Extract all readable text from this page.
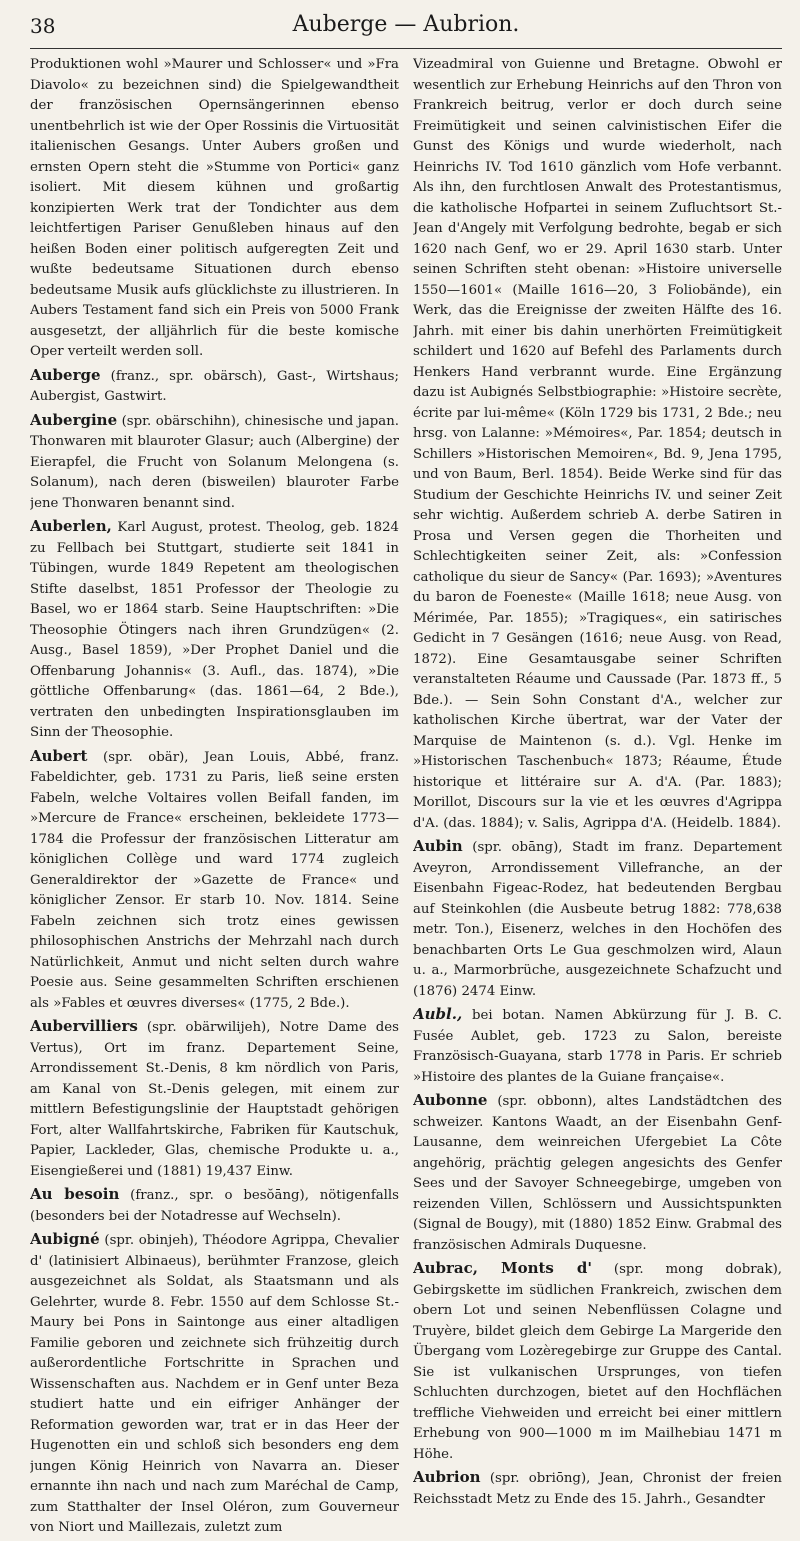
38	Auberge — Aubrion.

Produktionen wohl »Maurer und Schlosser« und »Fra Diavolo« zu bezeichnen sind) die Spielgewandtheit der französischen Opernsängerinnen ebenso unentbehrlich ist wie der Oper Rossinis die Virtuosität italienischen Gesangs. Unter Aubers großen und ernsten Opern steht die »Stumme von Portici« ganz isoliert. Mit diesem kühnen und großartig konzipierten Werk trat der Tondichter aus dem leichtfertigen Pariser Genußleben hinaus auf den heißen Boden einer politisch aufgeregten Zeit und wußte bedeutsame Situationen durch ebenso bedeutsame Musik aufs glücklichste zu illustrieren. In Aubers Testament fand sich ein Preis von 5000 Frank ausgesetzt, der alljährlich für die beste komische Oper verteilt werden soll.

Auberge (franz., spr. obärsch), Gast-, Wirtshaus; Aubergist, Gastwirt.

Aubergine (spr. obärschihn), chinesische und japan. Thonwaren mit blauroter Glasur; auch (Albergine) der Eierapfel, die Frucht von Solanum Melongena (s. Solanum), nach deren (bisweilen) blauroter Farbe jene Thonwaren benannt sind.

Auberlen, Karl August, protest. Theolog, geb. 1824 zu Fellbach bei Stuttgart, studierte seit 1841 in Tübingen, wurde 1849 Repetent am theologischen Stifte daselbst, 1851 Professor der Theologie zu Basel, wo er 1864 starb. Seine Hauptschriften: »Die Theosophie Ötingers nach ihren Grundzügen« (2. Ausg., Basel 1859), »Der Prophet Daniel und die Offenbarung Johannis« (3. Aufl., das. 1874), »Die göttliche Offenbarung« (das. 1861—64, 2 Bde.), vertraten den unbedingten Inspirationsglauben im Sinn der Theosophie.

Aubert (spr. obär), Jean Louis, Abbé, franz. Fabeldichter, geb. 1731 zu Paris, ließ seine ersten Fabeln, welche Voltaires vollen Beifall fanden, im »Mercure de France« erscheinen, bekleidete 1773—1784 die Professur der französischen Litteratur am königlichen Collège und ward 1774 zugleich Generaldirektor der »Gazette de France« und königlicher Zensor. Er starb 10. Nov. 1814. Seine Fabeln zeichnen sich trotz eines gewissen philosophischen Anstrichs der Mehrzahl nach durch Natürlichkeit, Anmut und nicht selten durch wahre Poesie aus. Seine gesammelten Schriften erschienen als »Fables et œuvres diverses« (1775, 2 Bde.).

Aubervilliers (spr. obärwilijeh), Notre Dame des Vertus), Ort im franz. Departement Seine, Arrondissement St.-Denis, 8 km nördlich von Paris, am Kanal von St.-Denis gelegen, mit einem zur mittlern Befestigungslinie der Hauptstadt gehörigen Fort, alter Wallfahrtskirche, Fabriken für Kautschuk, Papier, Lackleder, Glas, chemische Produkte u. a., Eisengießerei und (1881) 19,437 Einw.

Au besoin (franz., spr. o besŏāng), nötigenfalls (besonders bei der Notadresse auf Wechseln).

Aubigné (spr. obinjeh), Théodore Agrippa, Chevalier d' (latinisiert Albinaeus), berühmter Franzose, gleich ausgezeichnet als Soldat, als Staatsmann und als Gelehrter, wurde 8. Febr. 1550 auf dem Schlosse St.-Maury bei Pons in Saintonge aus einer altadligen Familie geboren und zeichnete sich frühzeitig durch außerordentliche Fortschritte in Sprachen und Wissenschaften aus. Nachdem er in Genf unter Beza studiert hatte und ein eifriger Anhänger der Reformation geworden war, trat er in das Heer der Hugenotten ein und schloß sich besonders eng dem jungen König Heinrich von Navarra an. Dieser ernannte ihn nach und nach zum Maréchal de Camp, zum Statthalter der Insel Oléron, zum Gouverneur von Niort und Maillezais, zuletzt zum

Vizeadmiral von Guienne und Bretagne. Obwohl er wesentlich zur Erhebung Heinrichs auf den Thron von Frankreich beitrug, verlor er doch durch seine Freimütigkeit und seinen calvinistischen Eifer die Gunst des Königs und wurde wiederholt, nach Heinrichs IV. Tod 1610 gänzlich vom Hofe verbannt. Als ihn, den furchtlosen Anwalt des Protestantismus, die katholische Hofpartei in seinem Zufluchtsort St.-Jean d'Angely mit Verfolgung bedrohte, begab er sich 1620 nach Genf, wo er 29. April 1630 starb. Unter seinen Schriften steht obenan: »Histoire universelle 1550—1601« (Maille 1616—20, 3 Foliobände), ein Werk, das die Ereignisse der zweiten Hälfte des 16. Jahrh. mit einer bis dahin unerhörten Freimütigkeit schildert und 1620 auf Befehl des Parlaments durch Henkers Hand verbrannt wurde. Eine Ergänzung dazu ist Aubignés Selbstbiographie: »Histoire secrète, écrite par lui-même« (Köln 1729 bis 1731, 2 Bde.; neu hrsg. von Lalanne: »Mémoires«, Par. 1854; deutsch in Schillers »Historischen Memoiren«, Bd. 9, Jena 1795, und von Baum, Berl. 1854). Beide Werke sind für das Studium der Geschichte Heinrichs IV. und seiner Zeit sehr wichtig. Außerdem schrieb A. derbe Satiren in Prosa und Versen gegen die Thorheiten und Schlechtigkeiten seiner Zeit, als: »Confession catholique du sieur de Sancy« (Par. 1693); »Aventures du baron de Foeneste« (Maille 1618; neue Ausg. von Mérimée, Par. 1855); »Tragiques«, ein satirisches Gedicht in 7 Gesängen (1616; neue Ausg. von Read, 1872). Eine Gesamtausgabe seiner Schriften veranstalteten Réaume und Caussade (Par. 1873 ff., 5 Bde.). — Sein Sohn Constant d'A., welcher zur katholischen Kirche übertrat, war der Vater der Marquise de Maintenon (s. d.). Vgl. Henke im »Historischen Taschenbuch« 1873; Réaume, Étude historique et littéraire sur A. d'A. (Par. 1883); Morillot, Discours sur la vie et les œuvres d'Agrippa d'A. (das. 1884); v. Salis, Agrippa d'A. (Heidelb. 1884).

Aubin (spr. obāng), Stadt im franz. Departement Aveyron, Arrondissement Villefranche, an der Eisenbahn Figeac-Rodez, hat bedeutenden Bergbau auf Steinkohlen (die Ausbeute betrug 1882: 778,638 metr. Ton.), Eisenerz, welches in den Hochöfen des benachbarten Orts Le Gua geschmolzen wird, Alaun u. a., Marmorbrüche, ausgezeichnete Schafzucht und (1876) 2474 Einw.

Aubl., bei botan. Namen Abkürzung für J. B. C. Fusée Aublet, geb. 1723 zu Salon, bereiste Französisch-Guayana, starb 1778 in Paris. Er schrieb »Histoire des plantes de la Guiane française«.

Aubonne (spr. obbonn), altes Landstädtchen des schweizer. Kantons Waadt, an der Eisenbahn Genf-Lausanne, dem weinreichen Ufergebiet La Côte angehörig, prächtig gelegen angesichts des Genfer Sees und der Savoyer Schneegebirge, umgeben von reizenden Villen, Schlössern und Aussichtspunkten (Signal de Bougy), mit (1880) 1852 Einw. Grabmal des französischen Admirals Duquesne.

Aubrac, Monts d' (spr. mong dobrak), Gebirgskette im südlichen Frankreich, zwischen dem obern Lot und seinen Nebenflüssen Colagne und Truyère, bildet gleich dem Gebirge La Margeride den Übergang vom Lozèregebirge zur Gruppe des Cantal. Sie ist vulkanischen Ursprunges, von tiefen Schluchten durchzogen, bietet auf den Hochflächen treffliche Viehweiden und erreicht bei einer mittlern Erhebung von 900—1000 m im Mailhebiau 1471 m Höhe.

Aubrion (spr. obriōng), Jean, Chronist der freien Reichsstadt Metz zu Ende des 15. Jahrh., Gesandter
